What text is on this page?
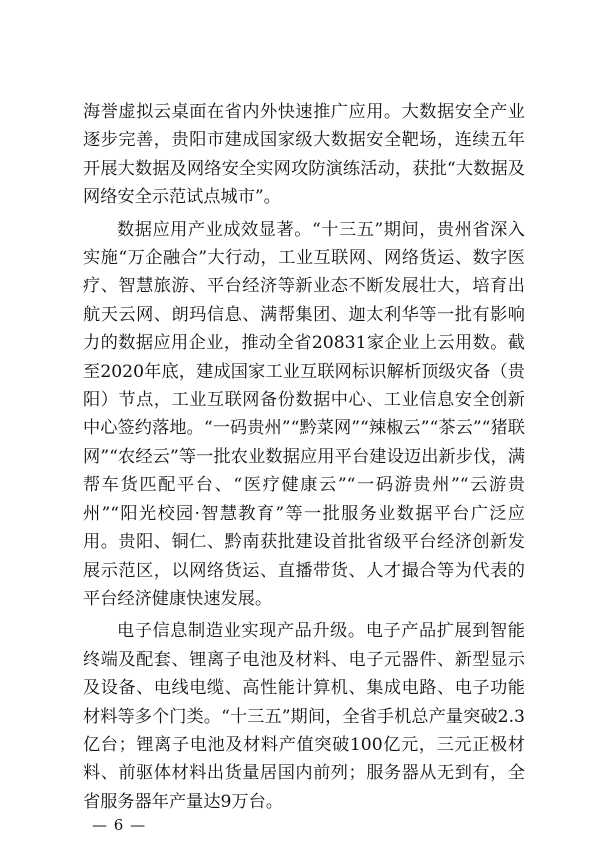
海誉虚拟云桌面在省内外快速推广应用。大数据安全产业逐步完善，贵阳市建成国家级大数据安全靶场，连续五年开展大数据及网络安全实网攻防演练活动，获批“大数据及网络安全示范试点城市”。

数据应用产业成效显著。“十三五”期间，贵州省深入实施“万企融合”大行动，工业互联网、网络货运、数字医疗、智慧旅游、平台经济等新业态不断发展壮大，培育出航天云网、朗玛信息、满帮集团、迦太利华等一批有影响力的数据应用企业，推动全省20831家企业上云用数。截至2020年底，建成国家工业互联网标识解析顶级灾备（贵阳）节点，工业互联网备份数据中心、工业信息安全创新中心签约落地。“一码贵州”“黔菜网”“辣椒云”“茶云”“猪联网”“农经云”等一批农业数据应用平台建设迈出新步伐，满帮车货匹配平台、“医疗健康云”“一码游贵州”“云游贵州”“阳光校园·智慧教育”等一批服务业数据平台广泛应用。贵阳、铜仁、黔南获批建设首批省级平台经济创新发展示范区，以网络货运、直播带货、人才撮合等为代表的平台经济健康快速发展。

电子信息制造业实现产品升级。电子产品扩展到智能终端及配套、锂离子电池及材料、电子元器件、新型显示及设备、电线电缆、高性能计算机、集成电路、电子功能材料等多个门类。“十三五”期间，全省手机总产量突破2.3亿台；锂离子电池及材料产值突破100亿元，三元正极材料、前驱体材料出货量居国内前列；服务器从无到有，全省服务器年产量达9万台。

— 6 —
